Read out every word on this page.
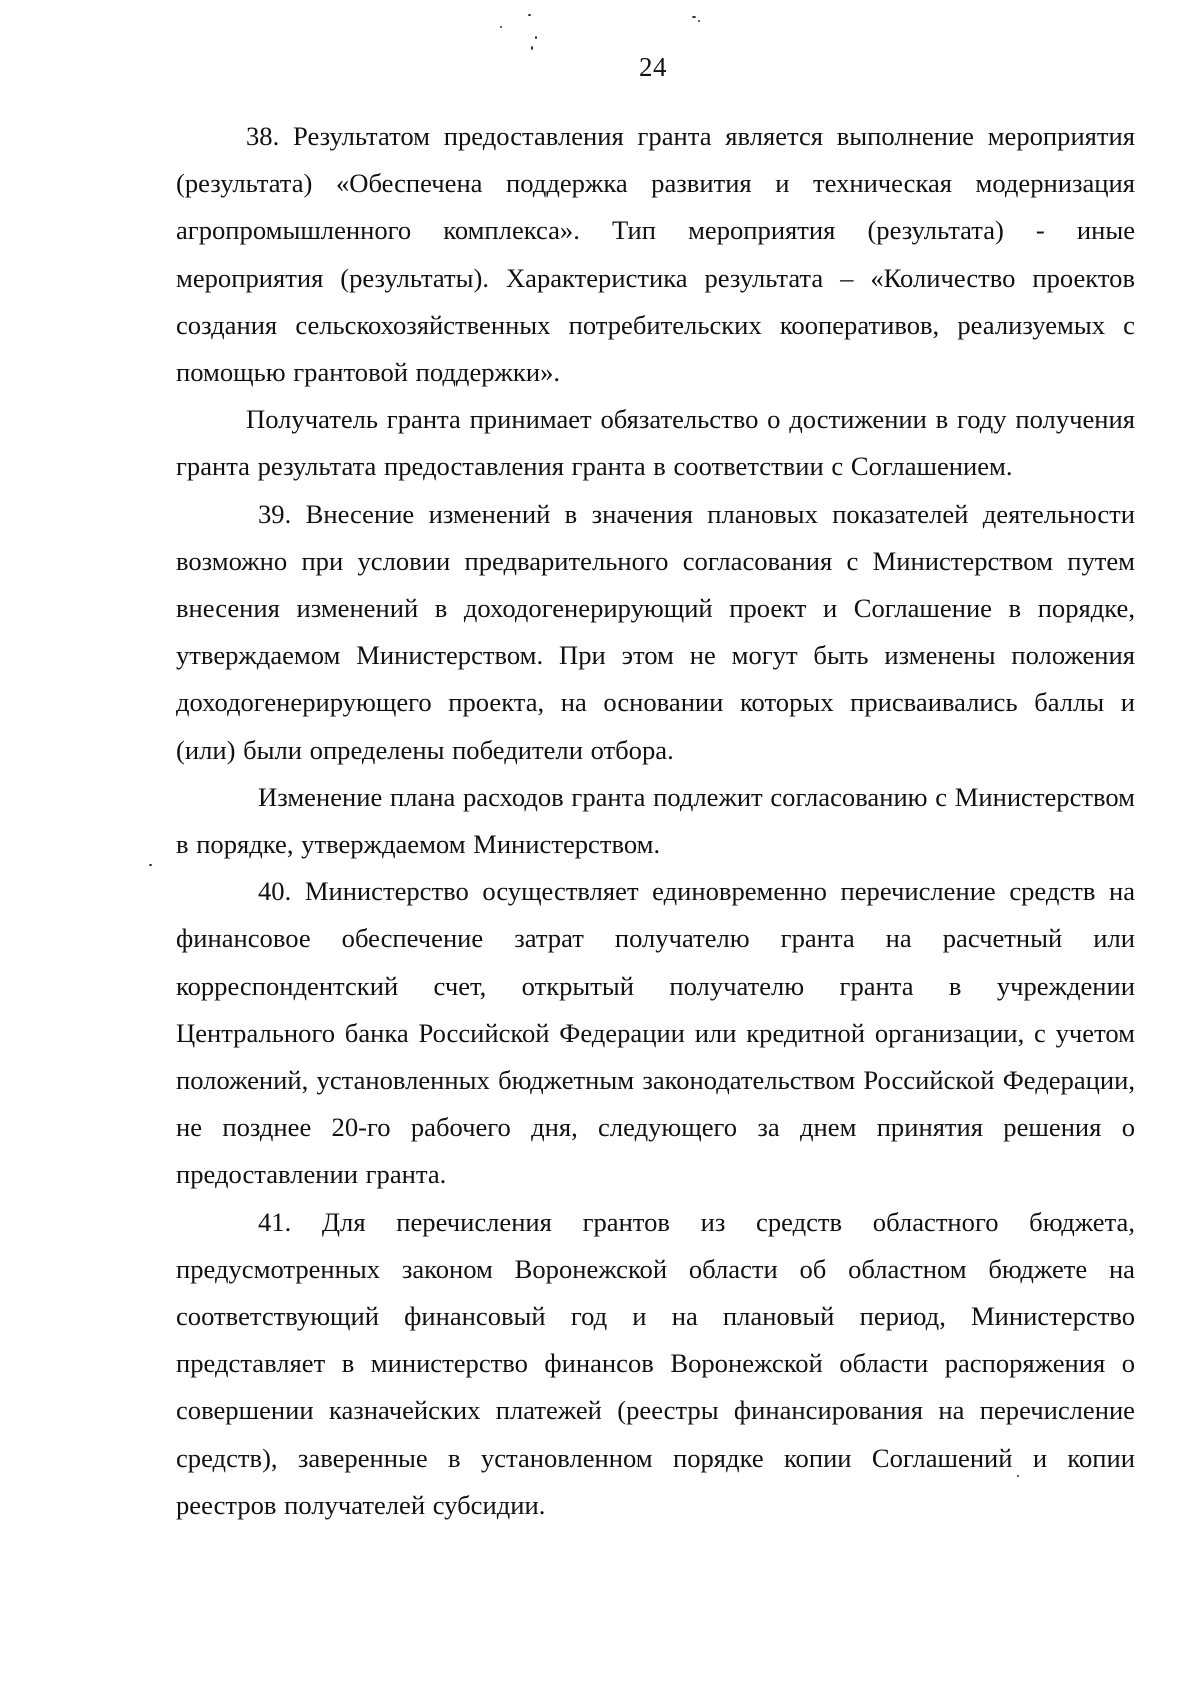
24

38. Результатом предоставления гранта является выполнение мероприятия (результата) «Обеспечена поддержка развития и техническая модернизация агропромышленного комплекса». Тип мероприятия (результата) - иные мероприятия (результаты). Характеристика результата – «Количество проектов создания сельскохозяйственных потребительских кооперативов, реализуемых с помощью грантовой поддержки».

Получатель гранта принимает обязательство о достижении в году получения гранта результата предоставления гранта в соответствии с Соглашением.

39. Внесение изменений в значения плановых показателей деятельности возможно при условии предварительного согласования с Министерством путем внесения изменений в доходогенерирующий проект и Соглашение в порядке, утверждаемом Министерством. При этом не могут быть изменены положения доходогенерирующего проекта, на основании которых присваивались баллы и (или) были определены победители отбора.

Изменение плана расходов гранта подлежит согласованию с Министерством в порядке, утверждаемом Министерством.

40. Министерство осуществляет единовременно перечисление средств на финансовое обеспечение затрат получателю гранта на расчетный или корреспондентский счет, открытый получателю гранта в учреждении Центрального банка Российской Федерации или кредитной организации, с учетом положений, установленных бюджетным законодательством Российской Федерации, не позднее 20-го рабочего дня, следующего за днем принятия решения о предоставлении гранта.

41. Для перечисления грантов из средств областного бюджета, предусмотренных законом Воронежской области об областном бюджете на соответствующий финансовый год и на плановый период, Министерство представляет в министерство финансов Воронежской области распоряжения о совершении казначейских платежей (реестры финансирования на перечисление средств), заверенные в установленном порядке копии Соглашений и копии реестров получателей субсидии.
